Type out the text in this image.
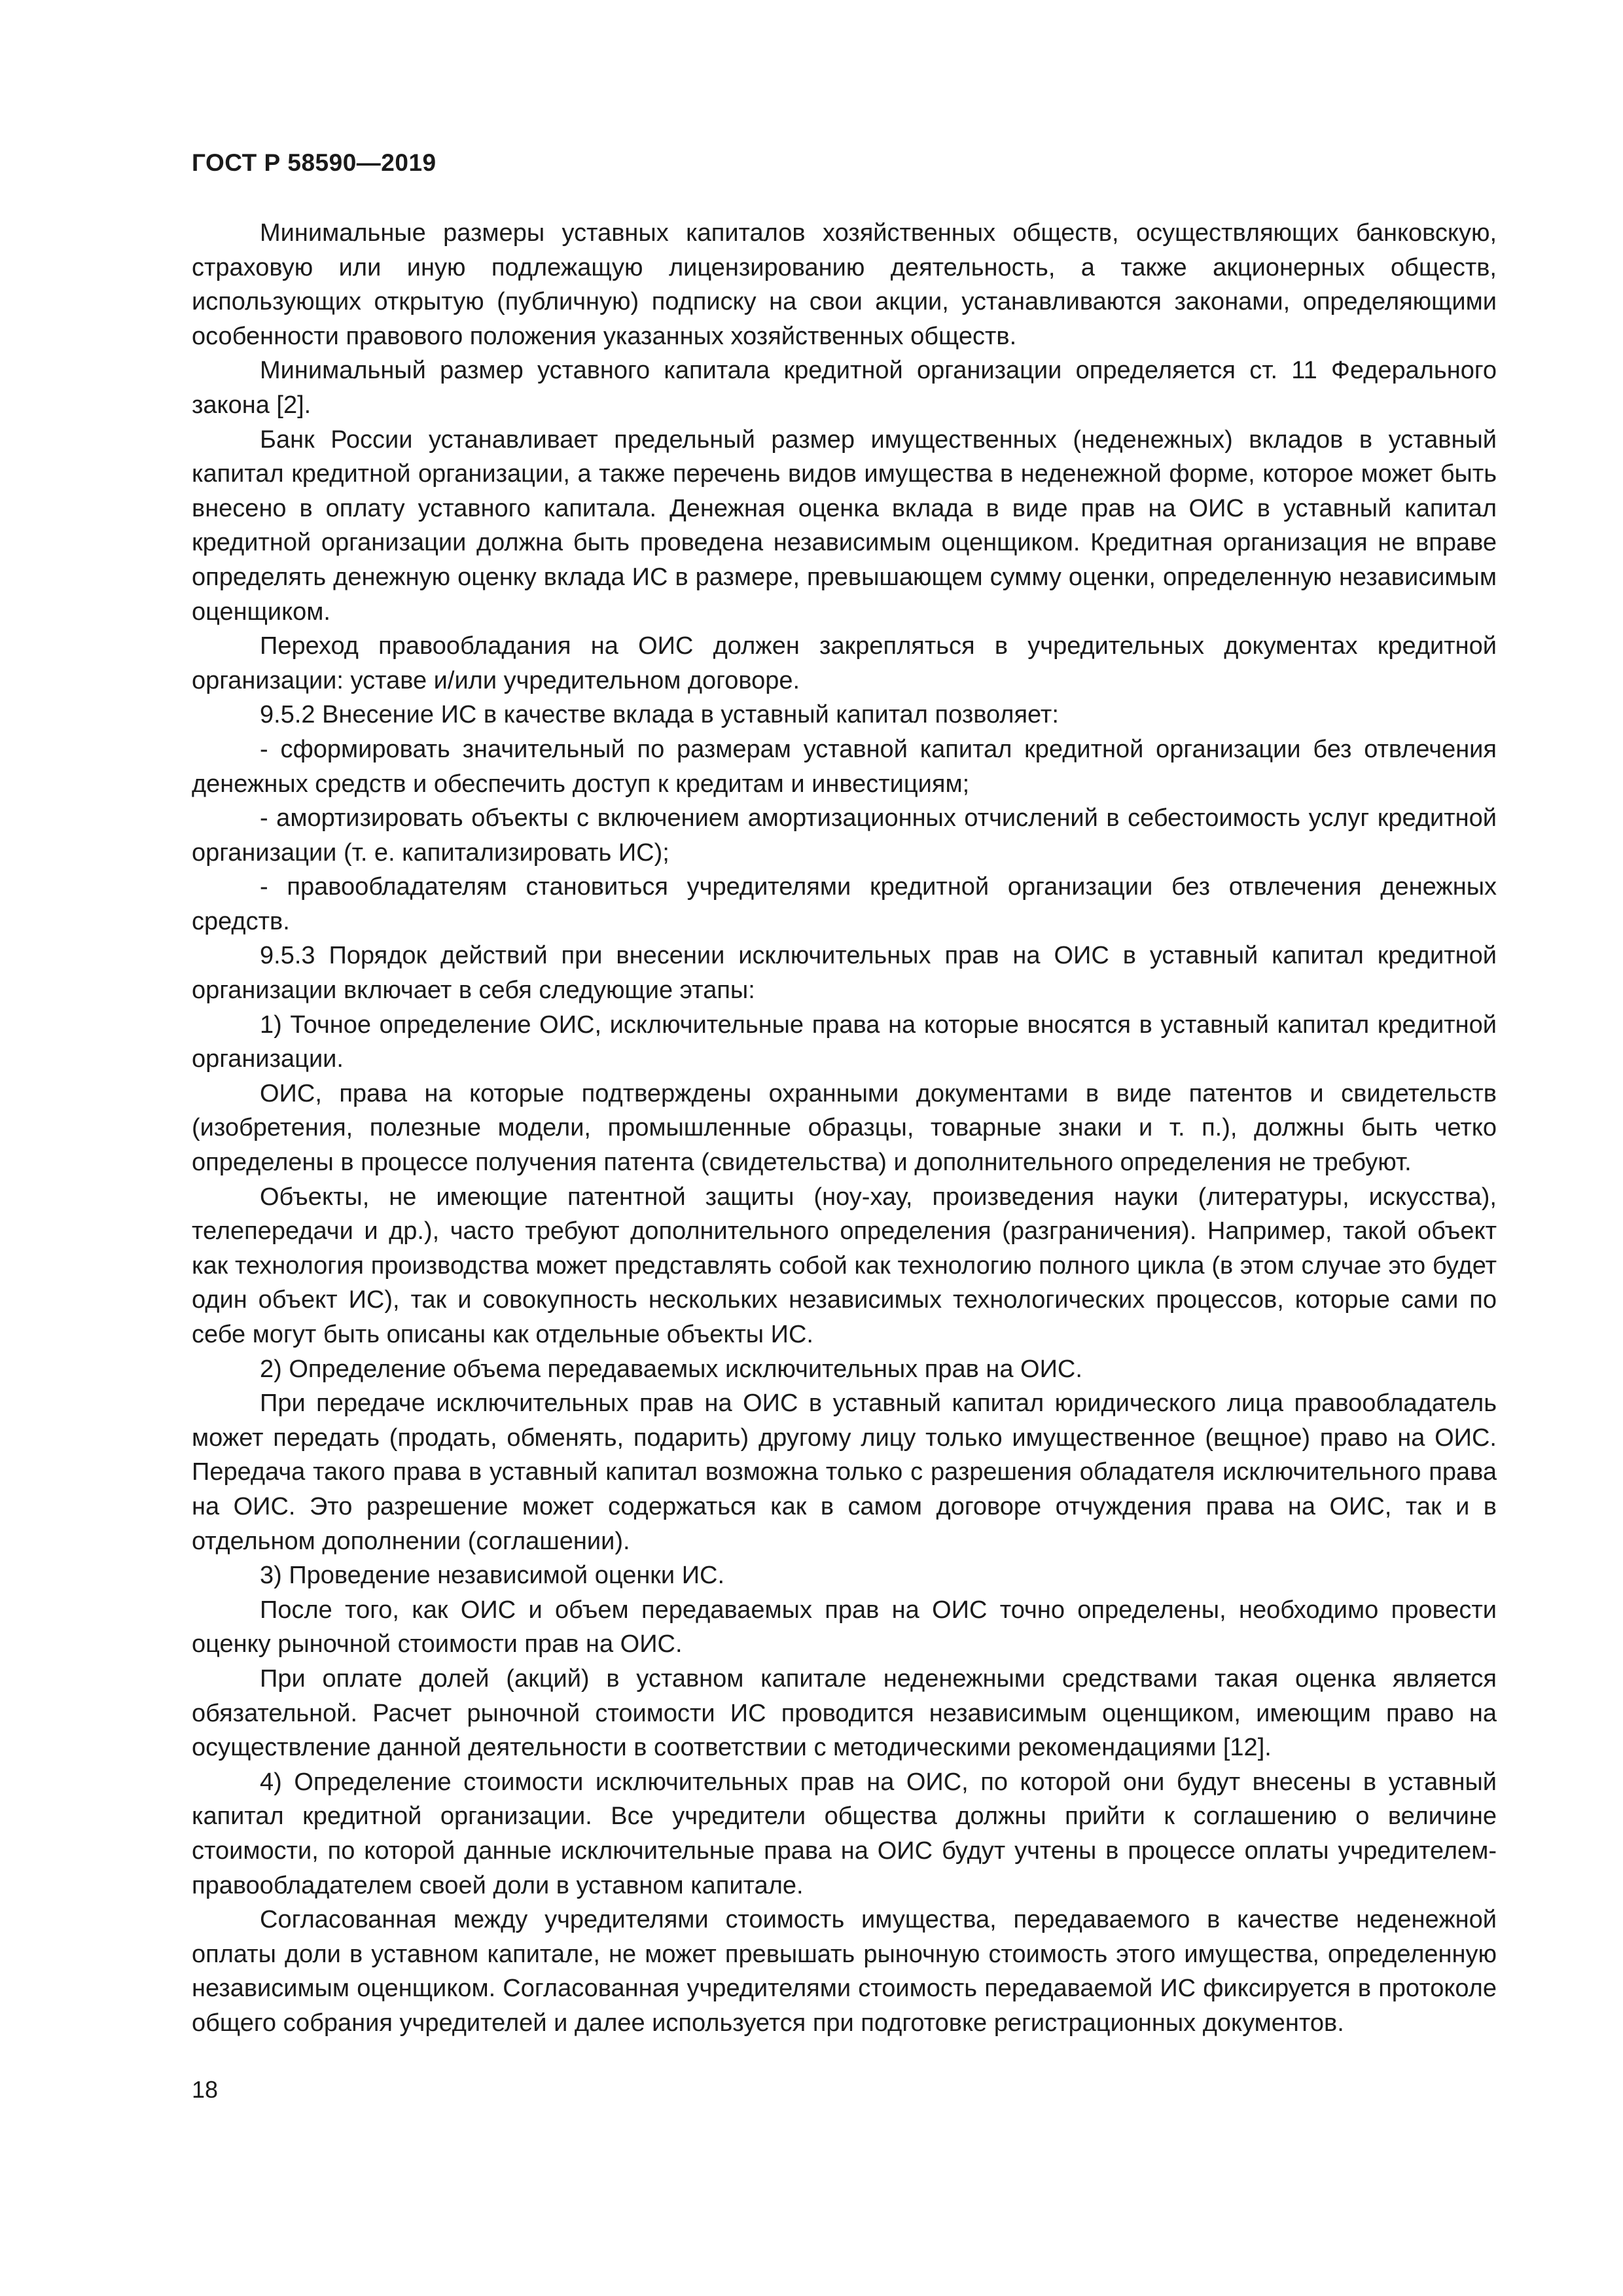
ГОСТ Р 58590—2019

Минимальные размеры уставных капиталов хозяйственных обществ, осуществляющих банковскую, страховую или иную подлежащую лицензированию деятельность, а также акционерных обществ, использующих открытую (публичную) подписку на свои акции, устанавливаются законами, определяющими особенности правового положения указанных хозяйственных обществ.

Минимальный размер уставного капитала кредитной организации определяется ст. 11 Федерального закона [2].

Банк России устанавливает предельный размер имущественных (неденежных) вкладов в уставный капитал кредитной организации, а также перечень видов имущества в неденежной форме, которое может быть внесено в оплату уставного капитала. Денежная оценка вклада в виде прав на ОИС в уставный капитал кредитной организации должна быть проведена независимым оценщиком. Кредитная организация не вправе определять денежную оценку вклада ИС в размере, превышающем сумму оценки, определенную независимым оценщиком.

Переход правообладания на ОИС должен закрепляться в учредительных документах кредитной организации: уставе и/или учредительном договоре.

9.5.2 Внесение ИС в качестве вклада в уставный капитал позволяет:

- сформировать значительный по размерам уставной капитал кредитной организации без отвлечения денежных средств и обеспечить доступ к кредитам и инвестициям;

- амортизировать объекты с включением амортизационных отчислений в себестоимость услуг кредитной организации (т. е. капитализировать ИС);

- правообладателям становиться учредителями кредитной организации без отвлечения денежных средств.

9.5.3 Порядок действий при внесении исключительных прав на ОИС в уставный капитал кредитной организации включает в себя следующие этапы:

1) Точное определение ОИС, исключительные права на которые вносятся в уставный капитал кредитной организации.

ОИС, права на которые подтверждены охранными документами в виде патентов и свидетельств (изобретения, полезные модели, промышленные образцы, товарные знаки и т. п.), должны быть четко определены в процессе получения патента (свидетельства) и дополнительного определения не требуют.

Объекты, не имеющие патентной защиты (ноу-хау, произведения науки (литературы, искусства), телепередачи и др.), часто требуют дополнительного определения (разграничения). Например, такой объект как технология производства может представлять собой как технологию полного цикла (в этом случае это будет один объект ИС), так и совокупность нескольких независимых технологических процессов, которые сами по себе могут быть описаны как отдельные объекты ИС.

2) Определение объема передаваемых исключительных прав на ОИС.

При передаче исключительных прав на ОИС в уставный капитал юридического лица правообладатель может передать (продать, обменять, подарить) другому лицу только имущественное (вещное) право на ОИС. Передача такого права в уставный капитал возможна только с разрешения обладателя исключительного права на ОИС. Это разрешение может содержаться как в самом договоре отчуждения права на ОИС, так и в отдельном дополнении (соглашении).

3) Проведение независимой оценки ИС.

После того, как ОИС и объем передаваемых прав на ОИС точно определены, необходимо провести оценку рыночной стоимости прав на ОИС.

При оплате долей (акций) в уставном капитале неденежными средствами такая оценка является обязательной. Расчет рыночной стоимости ИС проводится независимым оценщиком, имеющим право на осуществление данной деятельности в соответствии с методическими рекомендациями [12].

4) Определение стоимости исключительных прав на ОИС, по которой они будут внесены в уставный капитал кредитной организации. Все учредители общества должны прийти к соглашению о величине стоимости, по которой данные исключительные права на ОИС будут учтены в процессе оплаты учредителем-правообладателем своей доли в уставном капитале.

Согласованная между учредителями стоимость имущества, передаваемого в качестве неденежной оплаты доли в уставном капитале, не может превышать рыночную стоимость этого имущества, определенную независимым оценщиком. Согласованная учредителями стоимость передаваемой ИС фиксируется в протоколе общего собрания учредителей и далее используется при подготовке регистрационных документов.

18
